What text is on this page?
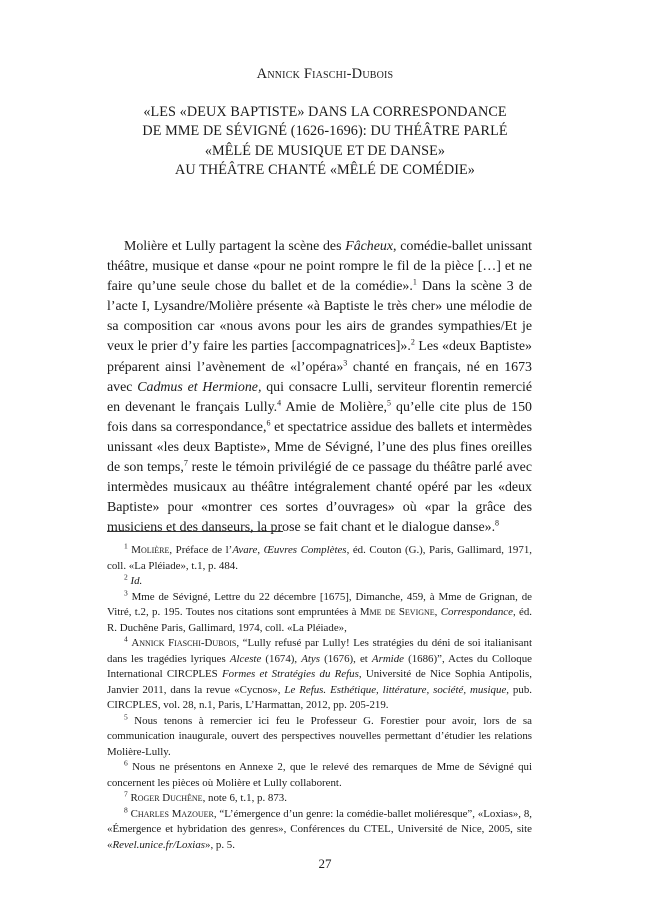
Annick Fiaschi-Dubois
«LES «DEUX BAPTISTE» DANS LA CORRESPONDANCE
DE MME DE SÉVIGNÉ (1626-1696): DU THÉÂTRE PARLÉ
«MÊLÉ DE MUSIQUE ET DE DANSE»
AU THÉÂTRE CHANTÉ «MÊLÉ DE COMÉDIE»

Molière et Lully partagent la scène des Fâcheux, comédie-ballet unissant théâtre, musique et danse «pour ne point rompre le fil de la pièce […] et ne faire qu’une seule chose du ballet et de la comédie».$^1$ Dans la scène 3 de l’acte I, Lysandre/Molière présente «à Baptiste le très cher» une mélodie de sa composition car «nous avons pour les airs de grandes sympathies/Et je veux le prier d’y faire les parties [accompagnatrices]».$^2$ Les «deux Baptiste» préparent ainsi l’avènement de «l’opéra»$^3$ chanté en français, né en 1673 avec Cadmus et Hermione, qui consacre Lulli, serviteur florentin remercié en devenant le français Lully.$^4$ Amie de Molière,$^5$ qu’elle cite plus de 150 fois dans sa correspondance,$^6$ et spectatrice assidue des ballets et intermèdes unissant «les deux Baptiste», Mme de Sévigné, l’une des plus fines oreilles de son temps,$^7$ reste le témoin privilégié de ce passage du théâtre parlé avec intermèdes musicaux au théâtre intégralement chanté opéré par les «deux Baptiste» pour «montrer ces sortes d’ouvrages» où «par la grâce des musiciens et des danseurs, la prose se fait chant et le dialogue danse».$^8$

$^1$ Molière, Préface de l’Avare, Œuvres Complètes, éd. Couton (G.), Paris, Gallimard, 1971, coll. «La Pléiade», t.1, p. 484.

$^2$ Id.

$^3$ Mme de Sévigné, Lettre du 22 décembre [1675], Dimanche, 459, à Mme de Grignan, de Vitré, t.2, p. 195. Toutes nos citations sont empruntées à Mme de Sevigne, Correspondance, éd. R. Duchêne Paris, Gallimard, 1974, coll. «La Pléiade»,

$^4$ Annick Fiaschi-Dubois, “Lully refusé par Lully! Les stratégies du déni de soi italianisant dans les tragédies lyriques Alceste (1674), Atys (1676), et Armide (1686)”, Actes du Colloque International CIRCPLES Formes et Stratégies du Refus, Université de Nice Sophia Antipolis, Janvier 2011, dans la revue «Cycnos», Le Refus. Esthétique, littérature, société, musique, pub. CIRCPLES, vol. 28, n.1, Paris, L’Harmattan, 2012, pp. 205-219.

$^5$ Nous tenons à remercier ici feu le Professeur G. Forestier pour avoir, lors de sa communication inaugurale, ouvert des perspectives nouvelles permettant d’étudier les relations Molière-Lully.

$^6$ Nous ne présentons en Annexe 2, que le relevé des remarques de Mme de Sévigné qui concernent les pièces où Molière et Lully collaborent.

$^7$ Roger Duchêne, note 6, t.1, p. 873.

$^8$ Charles Mazouer, “L’émergence d’un genre: la comédie-ballet moliéresque”, «Loxias», 8, «Émergence et hybridation des genres», Conférences du CTEL, Université de Nice, 2005, site «Revel.unice.fr/Loxias», p. 5.

27
